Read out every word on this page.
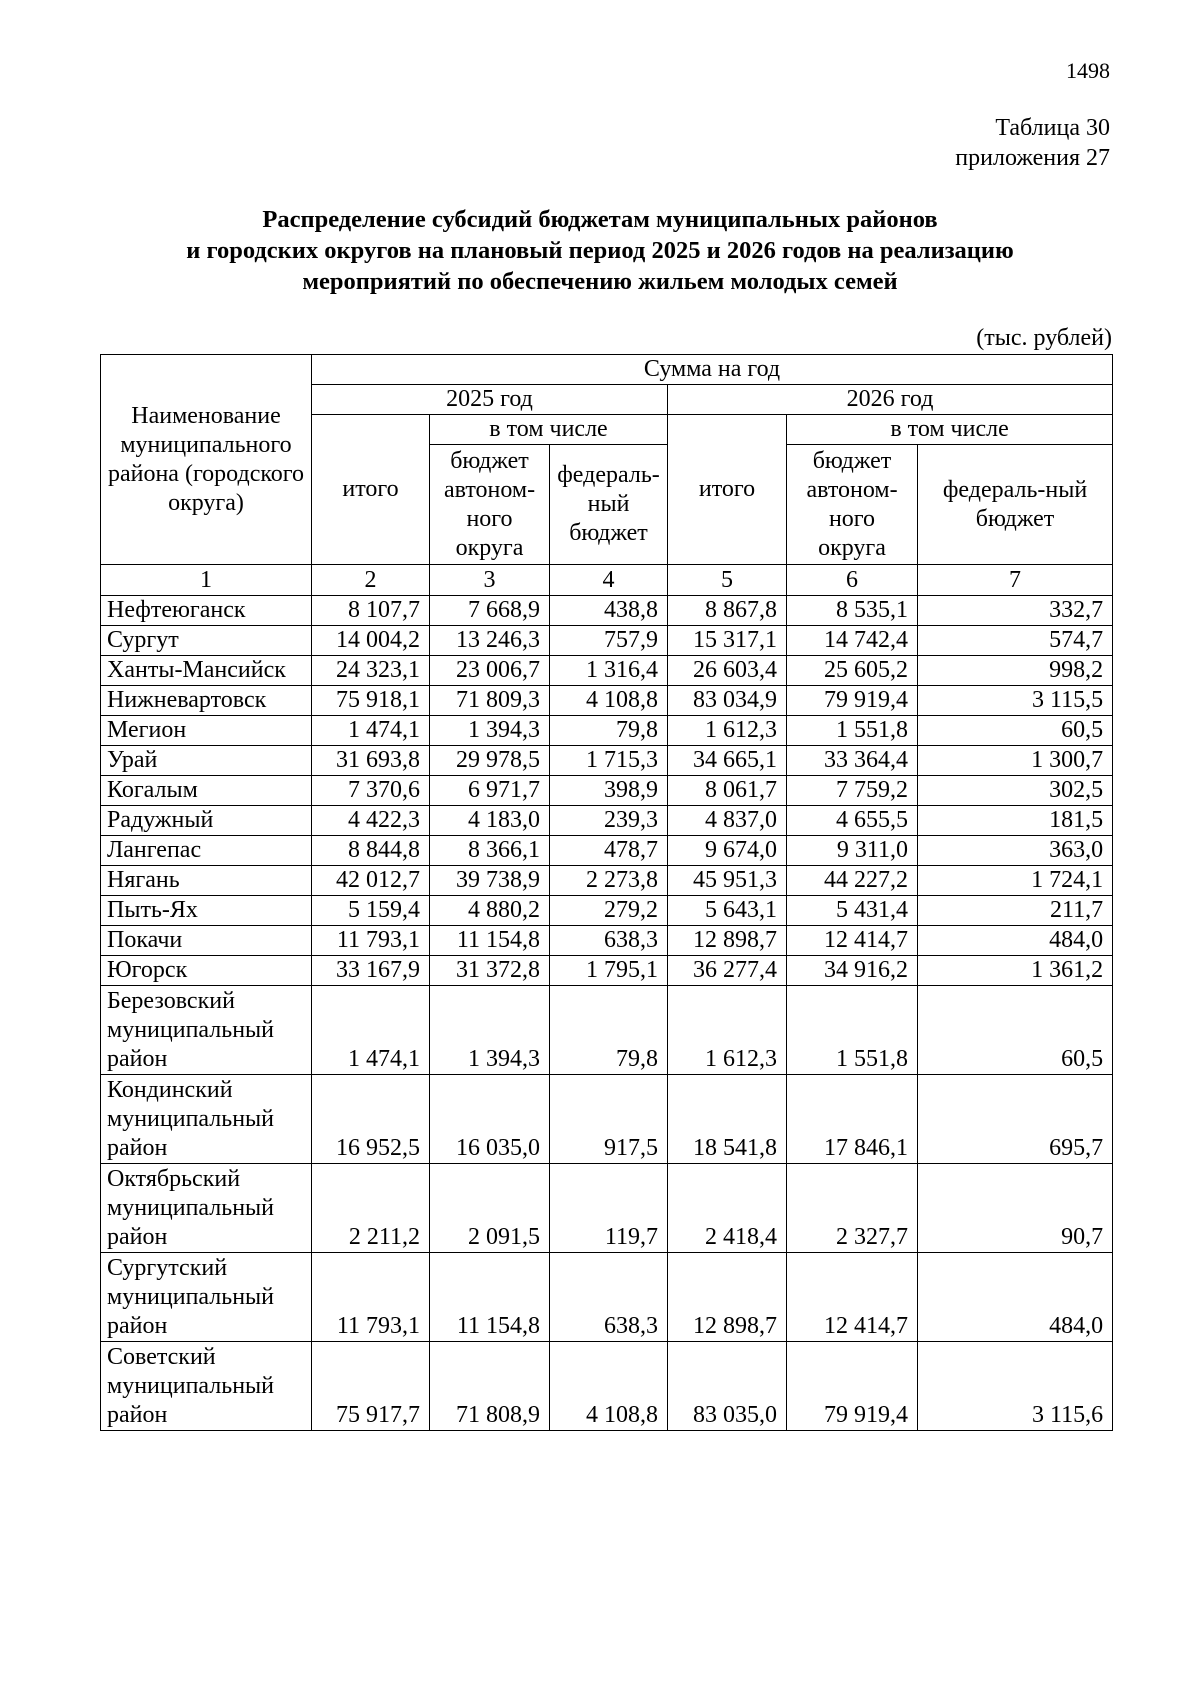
1498
Таблица 30
приложения 27
Распределение субсидий бюджетам муниципальных районов
и городских округов на плановый период 2025 и 2026 годов на реализацию
мероприятий по обеспечению жильем молодых семей
(тыс. рублей)
Наименование муниципального района (городского округа)	Сумма на год					
	2025 год			2026 год		
	итого	в том числе		итого	в том числе	
		бюджет автоном-ного округа	федераль-ный бюджет		бюджет автоном-ного округа	федераль-ный бюджет
1	2	3	4	5	6	7
Нефтеюганск	8 107,7	7 668,9	438,8	8 867,8	8 535,1	332,7
Сургут	14 004,2	13 246,3	757,9	15 317,1	14 742,4	574,7
Ханты-Мансийск	24 323,1	23 006,7	1 316,4	26 603,4	25 605,2	998,2
Нижневартовск	75 918,1	71 809,3	4 108,8	83 034,9	79 919,4	3 115,5
Мегион	1 474,1	1 394,3	79,8	1 612,3	1 551,8	60,5
Урай	31 693,8	29 978,5	1 715,3	34 665,1	33 364,4	1 300,7
Когалым	7 370,6	6 971,7	398,9	8 061,7	7 759,2	302,5
Радужный	4 422,3	4 183,0	239,3	4 837,0	4 655,5	181,5
Лангепас	8 844,8	8 366,1	478,7	9 674,0	9 311,0	363,0
Нягань	42 012,7	39 738,9	2 273,8	45 951,3	44 227,2	1 724,1
Пыть-Ях	5 159,4	4 880,2	279,2	5 643,1	5 431,4	211,7
Покачи	11 793,1	11 154,8	638,3	12 898,7	12 414,7	484,0
Югорск	33 167,9	31 372,8	1 795,1	36 277,4	34 916,2	1 361,2
Березовский муниципальный район	1 474,1	1 394,3	79,8	1 612,3	1 551,8	60,5
Кондинский муниципальный район	16 952,5	16 035,0	917,5	18 541,8	17 846,1	695,7
Октябрьский муниципальный район	2 211,2	2 091,5	119,7	2 418,4	2 327,7	90,7
Сургутский муниципальный район	11 793,1	11 154,8	638,3	12 898,7	12 414,7	484,0
Советский муниципальный район	75 917,7	71 808,9	4 108,8	83 035,0	79 919,4	3 115,6
